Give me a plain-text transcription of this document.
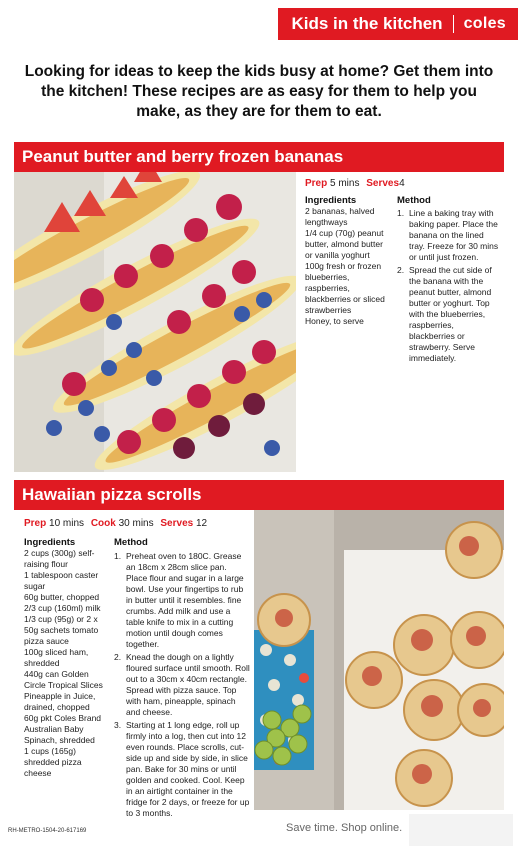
Kids in the kitchen coles
Looking for ideas to keep the kids busy at home? Get them into the kitchen! These recipes are as easy for them to help you make, as they are for them to eat.
Peanut butter and berry frozen bananas
Prep 5 mins Serves4
Ingredients
2 bananas, halved lengthways
1/4 cup (70g) peanut butter, almond butter or vanilla yoghurt
100g fresh or frozen blueberries, raspberries, blackberries or sliced strawberries
Honey, to serve
Method
1. Line a baking tray with baking paper. Place the banana on the lined tray. Freeze for 30 mins or until just frozen.
2. Spread the cut side of the banana with the peanut butter, almond butter or yoghurt. Top with the blueberries, raspberries, blackberries or strawberry. Serve immediately.
Hawaiian pizza scrolls
Prep 10 mins Cook 30 mins Serves 12
Ingredients
2 cups (300g) self-raising flour
1 tablespoon caster sugar
60g butter, chopped
2/3 cup (160ml) milk
1/3 cup (95g) or 2 x 50g sachets tomato pizza sauce
100g sliced ham, shredded
440g can Golden Circle Tropical Slices Pineapple in Juice, drained, chopped
60g pkt Coles Brand Australian Baby Spinach, shredded
1 cups (165g) shredded pizza cheese
Method
1. Preheat oven to 180C. Grease an 18cm x 28cm slice pan. Place flour and sugar in a large bowl. Use your fingertips to rub in butter until it resembles. fine crumbs. Add milk and use a table knife to mix in a cutting motion until dough comes together.
2. Knead the dough on a lightly floured surface until smooth. Roll out to a 30cm x 40cm rectangle. Spread with pizza sauce. Top with ham, pineapple, spinach and cheese.
3. Starting at 1 long edge, roll up firmly into a log, then cut into 12 even rounds. Place scrolls, cut-side up and side by side, in slice pan. Bake for 30 mins or until golden and cooked. Cool. Keep in an airtight container in the fridge for 2 days, or freeze for up to 3 months.
RH-METRO-1504-20-617169	Save time. Shop online.
